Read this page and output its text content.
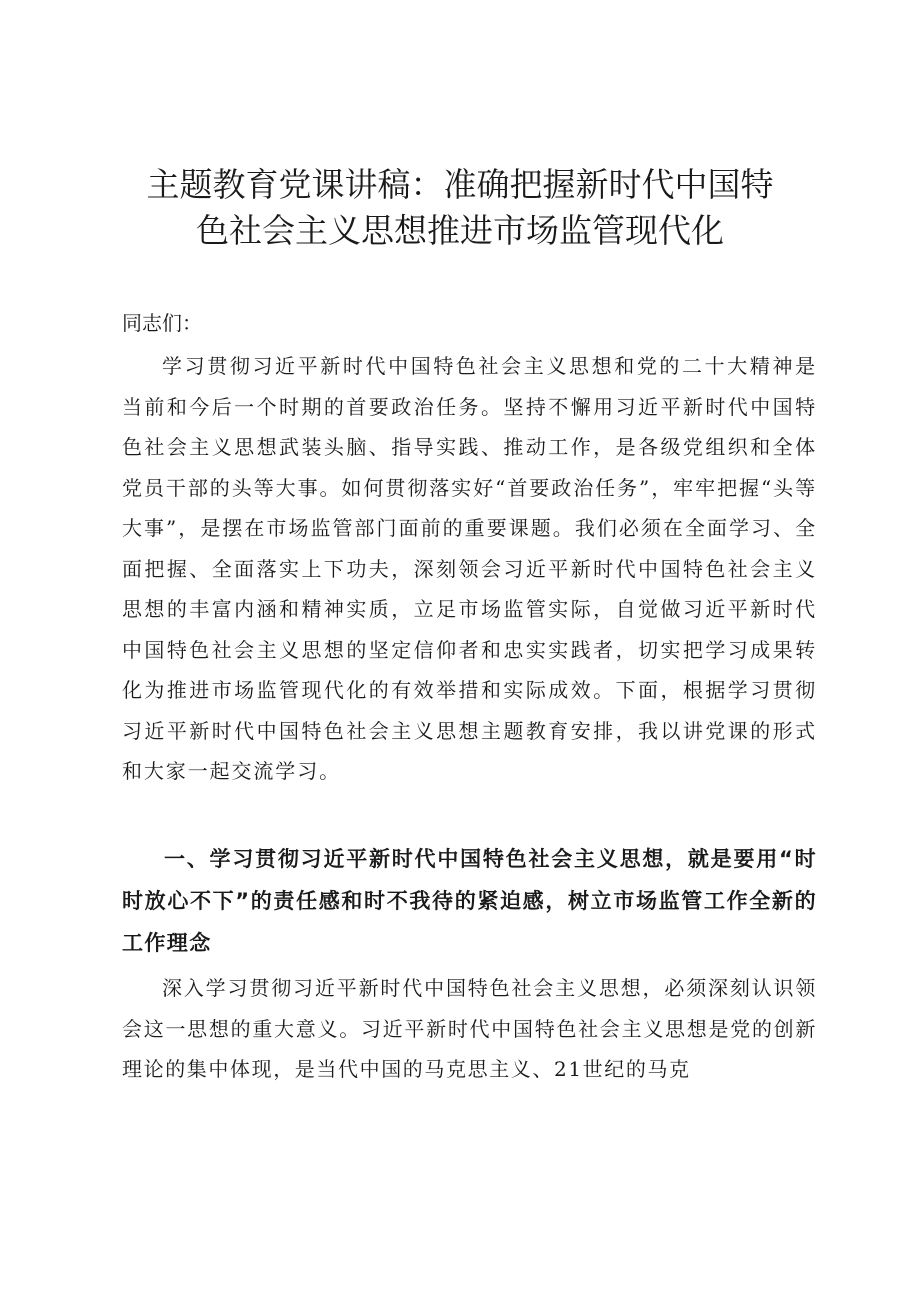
主题教育党课讲稿：准确把握新时代中国特
色社会主义思想推进市场监管现代化

同志们：

学习贯彻习近平新时代中国特色社会主义思想和党的二十大精神是当前和今后一个时期的首要政治任务。坚持不懈用习近平新时代中国特色社会主义思想武装头脑、指导实践、推动工作，是各级党组织和全体党员干部的头等大事。如何贯彻落实好“首要政治任务”，牢牢把握“头等大事”，是摆在市场监管部门面前的重要课题。我们必须在全面学习、全面把握、全面落实上下功夫，深刻领会习近平新时代中国特色社会主义思想的丰富内涵和精神实质，立足市场监管实际，自觉做习近平新时代中国特色社会主义思想的坚定信仰者和忠实实践者，切实把学习成果转化为推进市场监管现代化的有效举措和实际成效。下面，根据学习贯彻习近平新时代中国特色社会主义思想主题教育安排，我以讲党课的形式和大家一起交流学习。

一、学习贯彻习近平新时代中国特色社会主义思想，就是要用“时时放心不下”的责任感和时不我待的紧迫感，树立市场监管工作全新的工作理念

深入学习贯彻习近平新时代中国特色社会主义思想，必须深刻认识领会这一思想的重大意义。习近平新时代中国特色社会主义思想是党的创新理论的集中体现，是当代中国的马克思主义、21世纪的马克
